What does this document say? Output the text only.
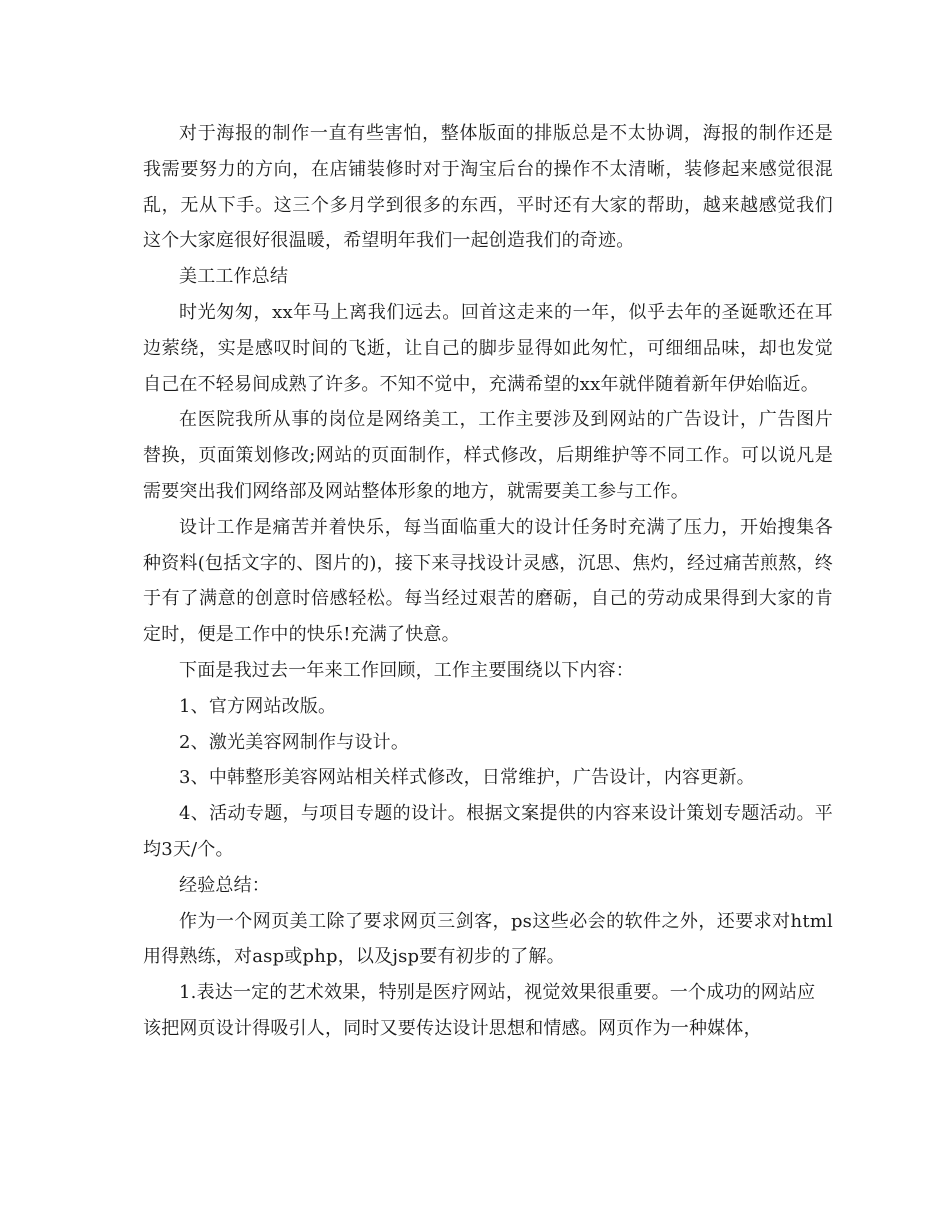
对于海报的制作一直有些害怕，整体版面的排版总是不太协调，海报的制作还是我需要努力的方向，在店铺装修时对于淘宝后台的操作不太清晰，装修起来感觉很混乱，无从下手。这三个多月学到很多的东西，平时还有大家的帮助，越来越感觉我们这个大家庭很好很温暖，希望明年我们一起创造我们的奇迹。

美工工作总结

时光匆匆，xx年马上离我们远去。回首这走来的一年，似乎去年的圣诞歌还在耳边萦绕，实是感叹时间的飞逝，让自己的脚步显得如此匆忙，可细细品味，却也发觉自己在不轻易间成熟了许多。不知不觉中，充满希望的xx年就伴随着新年伊始临近。

在医院我所从事的岗位是网络美工，工作主要涉及到网站的广告设计，广告图片替换，页面策划修改;网站的页面制作，样式修改，后期维护等不同工作。可以说凡是需要突出我们网络部及网站整体形象的地方，就需要美工参与工作。

设计工作是痛苦并着快乐，每当面临重大的设计任务时充满了压力，开始搜集各种资料(包括文字的、图片的)，接下来寻找设计灵感，沉思、焦灼，经过痛苦煎熬，终于有了满意的创意时倍感轻松。每当经过艰苦的磨砺，自己的劳动成果得到大家的肯定时，便是工作中的快乐!充满了快意。

下面是我过去一年来工作回顾，工作主要围绕以下内容：

1、官方网站改版。

2、激光美容网制作与设计。

3、中韩整形美容网站相关样式修改，日常维护，广告设计，内容更新。

4、活动专题，与项目专题的设计。根据文案提供的内容来设计策划专题活动。平均3天/个。

经验总结：

作为一个网页美工除了要求网页三剑客，ps这些必会的软件之外，还要求对html用得熟练，对asp或php，以及jsp要有初步的了解。

1.表达一定的艺术效果，特别是医疗网站，视觉效果很重要。一个成功的网站应该把网页设计得吸引人，同时又要传达设计思想和情感。网页作为一种媒体，
